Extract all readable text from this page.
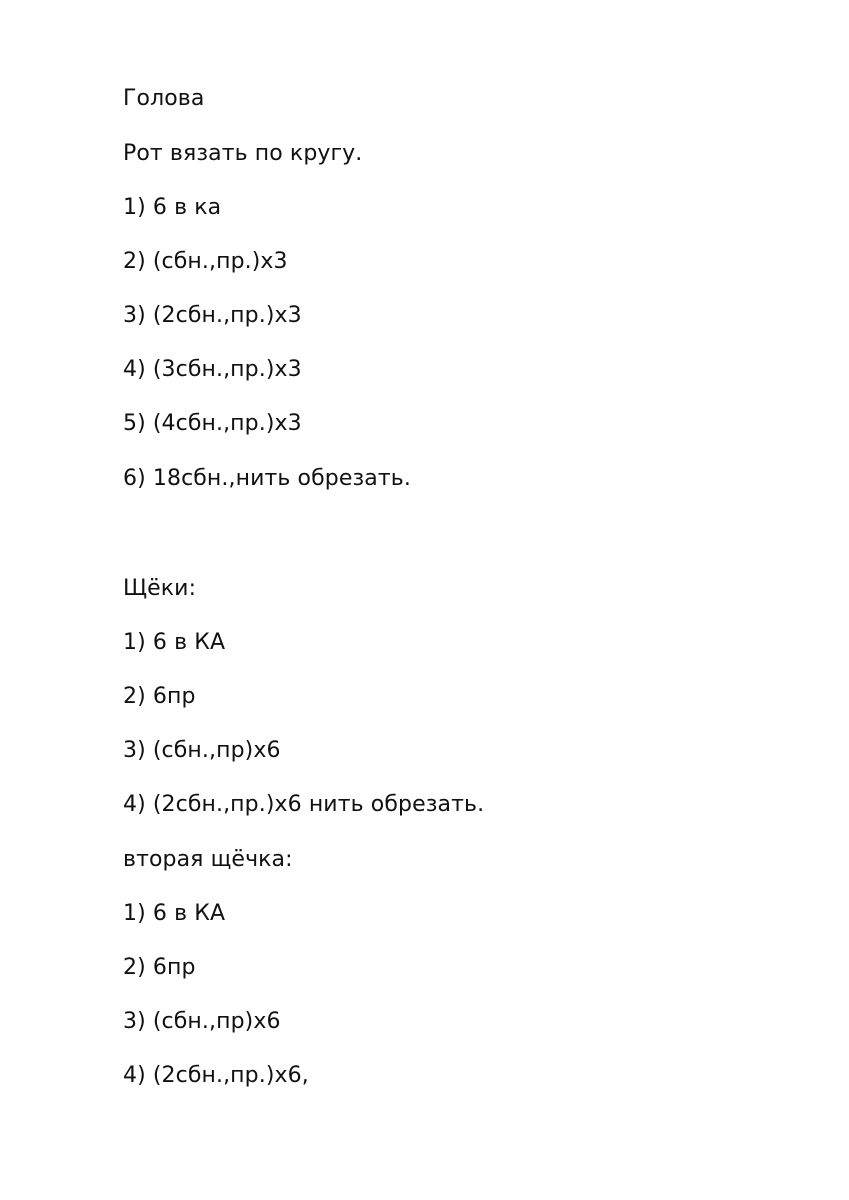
Голова
Рот вязать по кругу.
1) 6 в ка
2) (сбн.,пр.)х3
3) (2сбн.,пр.)х3
4) (3сбн.,пр.)х3
5) (4сбн.,пр.)х3
6) 18сбн.,нить обрезать.
Щёки:
1) 6 в КА
2) 6пр
3) (сбн.,пр)х6
4) (2сбн.,пр.)х6 нить обрезать.
вторая щёчка:
1) 6 в КА
2) 6пр
3) (сбн.,пр)х6
4) (2сбн.,пр.)х6,
